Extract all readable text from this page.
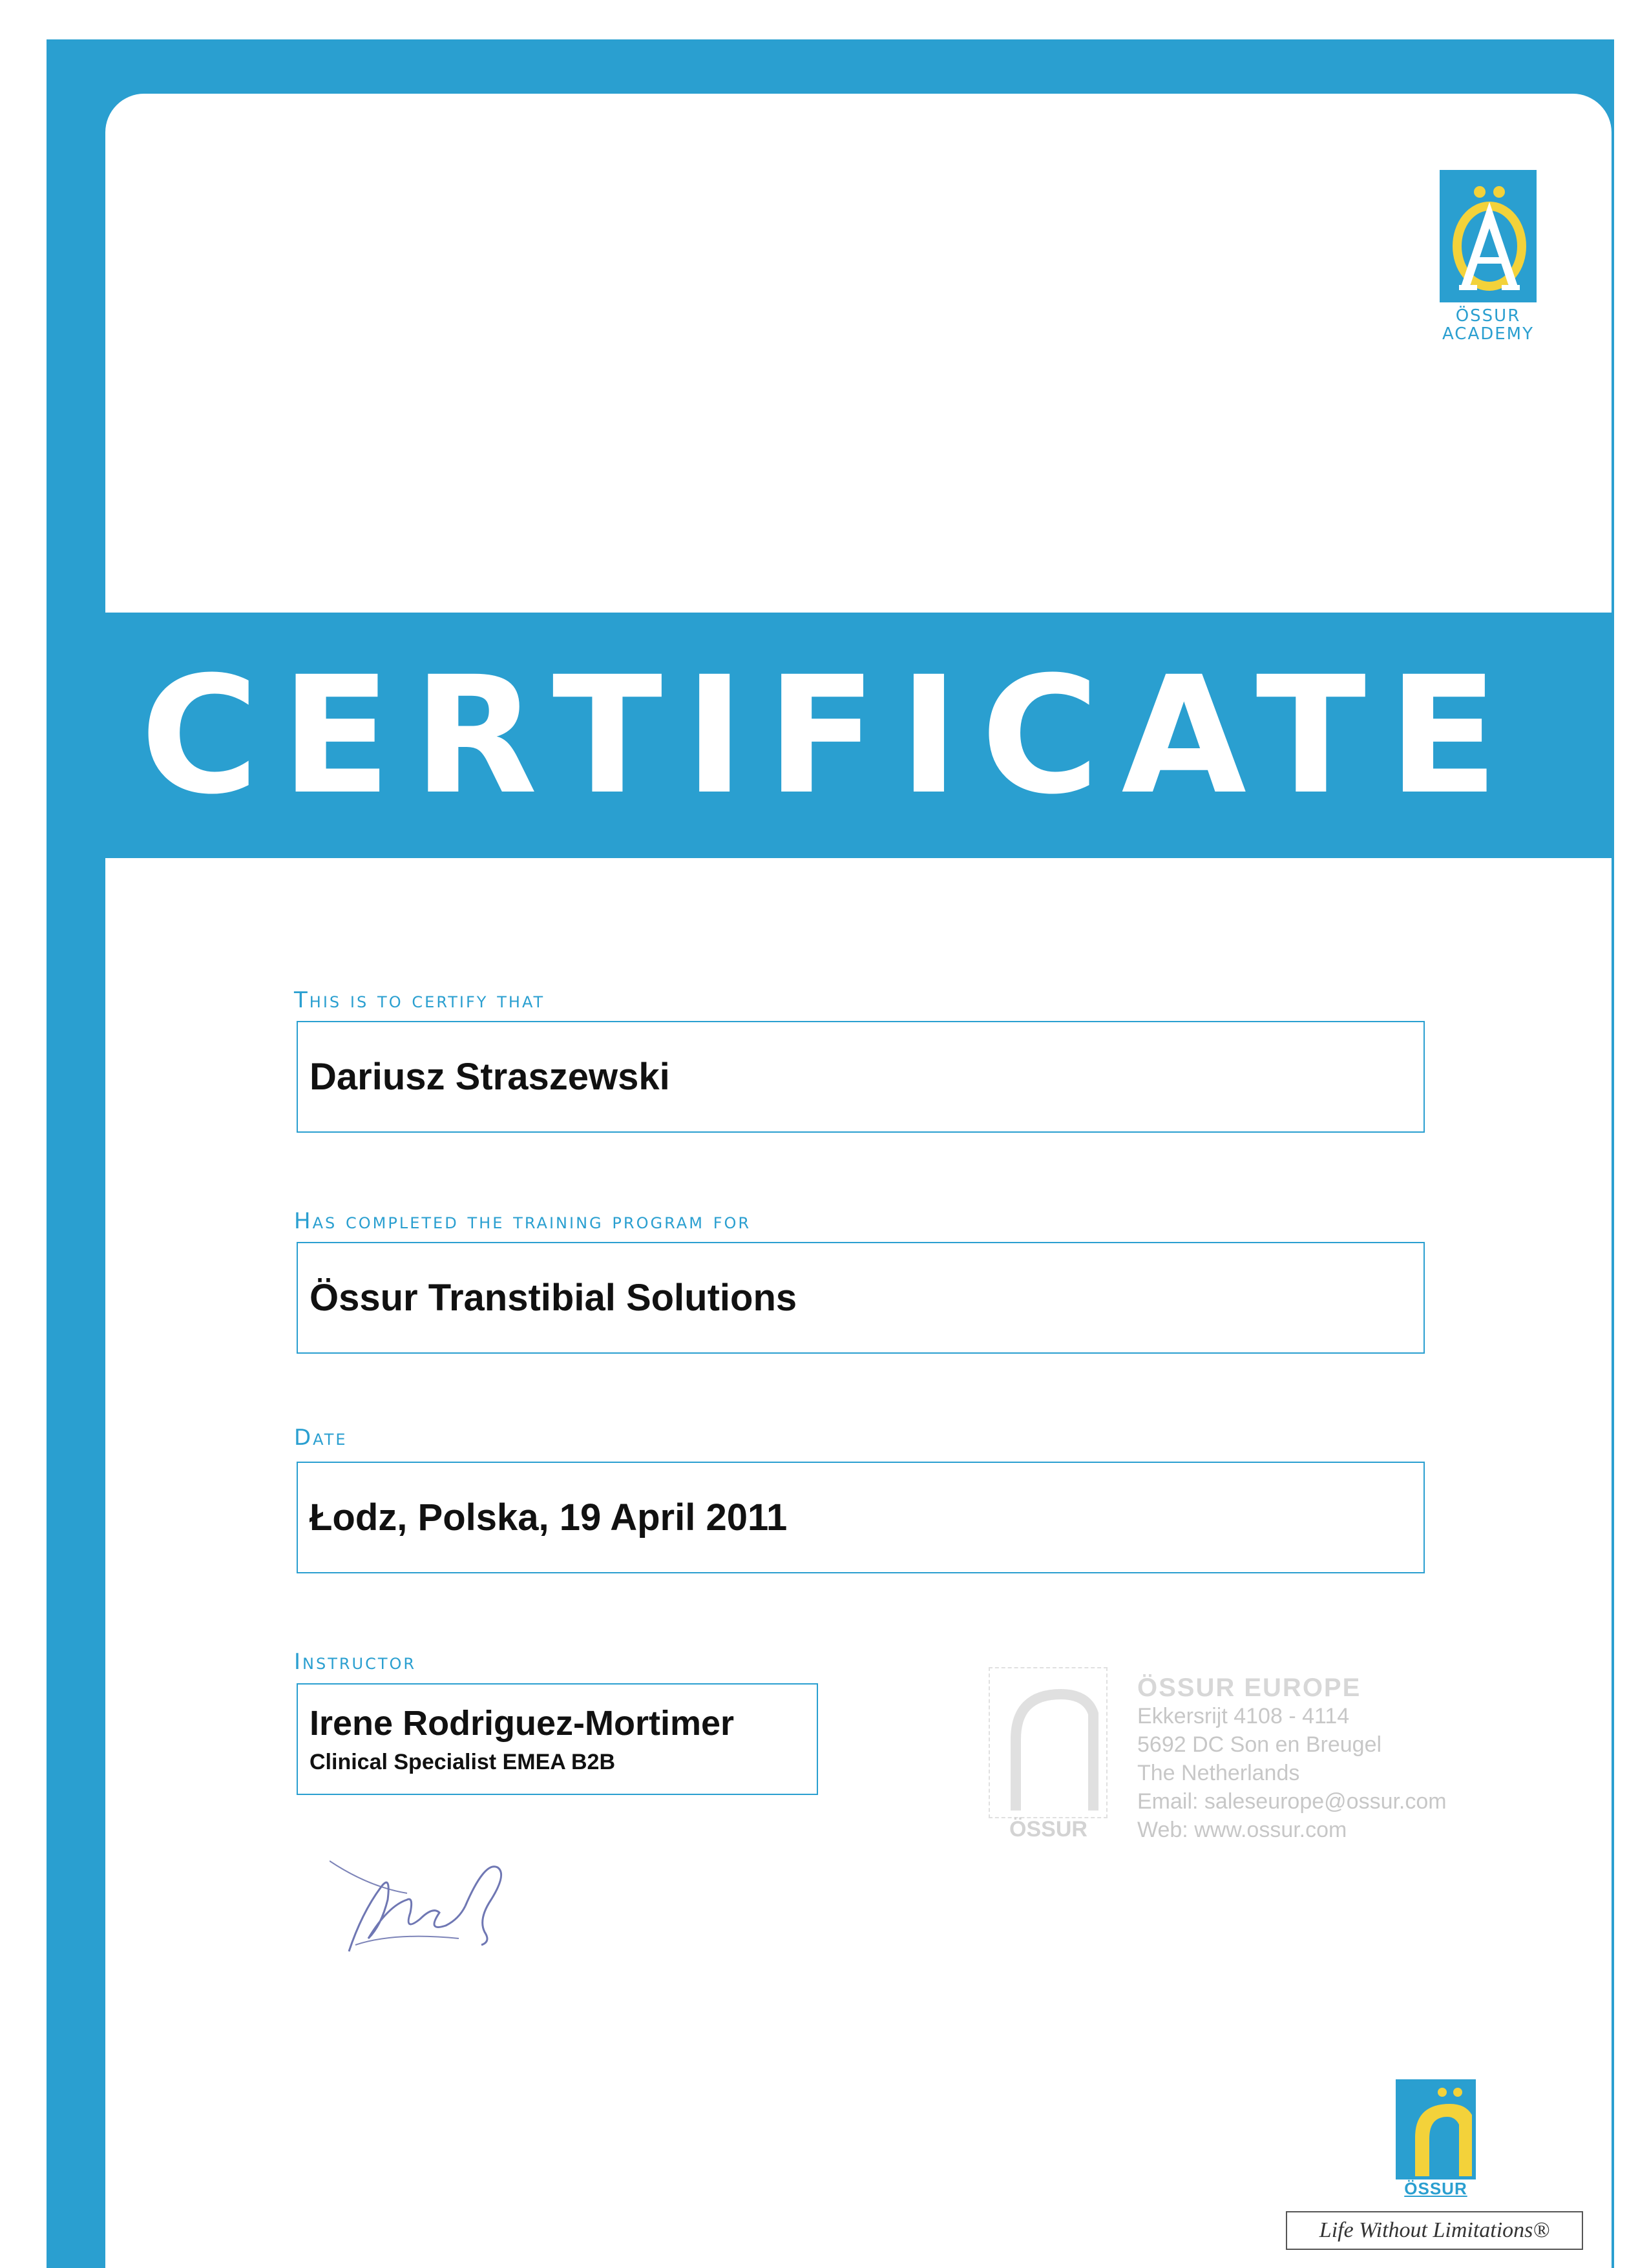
ÖSSUR
ACADEMY
CERTIFICATE
This is to certify that
Dariusz Straszewski
Has completed the training program for
Össur Transtibial Solutions
Date
Łodz, Polska, 19 April 2011
Instructor
Irene Rodriguez-Mortimer
Clinical Specialist EMEA B2B
ÖSSUR
ÖSSUR EUROPE
Ekkersrijt 4108 - 4114
5692 DC Son en Breugel
The Netherlands
Email: saleseurope@ossur.com
Web: www.ossur.com
ÖSSUR
Life Without Limitations®
